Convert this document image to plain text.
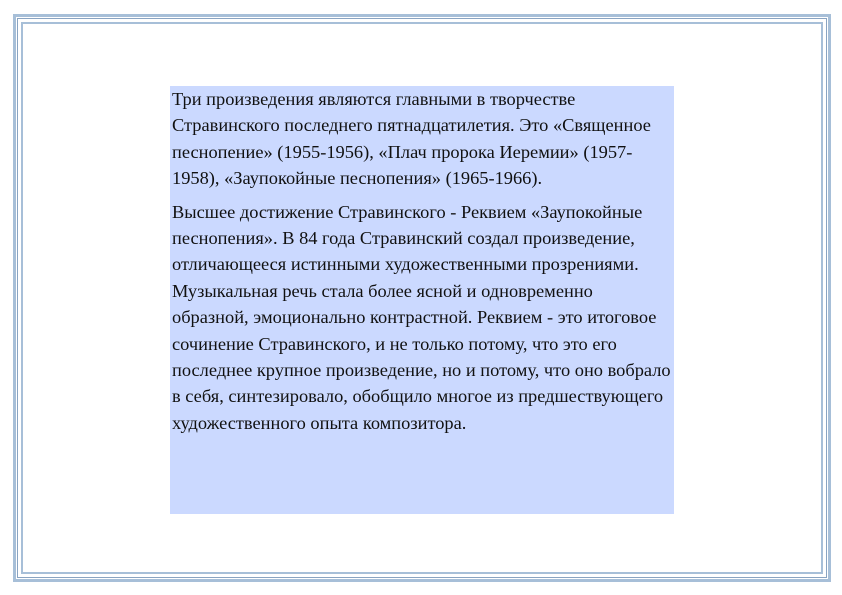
Три произведения являются главными в творчестве Стравинского последнего пятнадцатилетия. Это «Священное песнопение» (1955-1956), «Плач пророка Иеремии» (1957-1958), «Заупокойные песнопения» (1965-1966).

Высшее достижение Стравинского - Реквием «Заупокойные песнопения». В 84 года Стравинский создал произведение, отличающееся истинными художественными прозрениями. Музыкальная речь стала более ясной и одновременно образной, эмоционально контрастной. Реквием - это итоговое сочинение Стравинского, и не только потому, что это его последнее крупное произведение, но и потому, что оно вобрало в себя, синтезировало, обобщило многое из предшествующего художественного опыта композитора.
